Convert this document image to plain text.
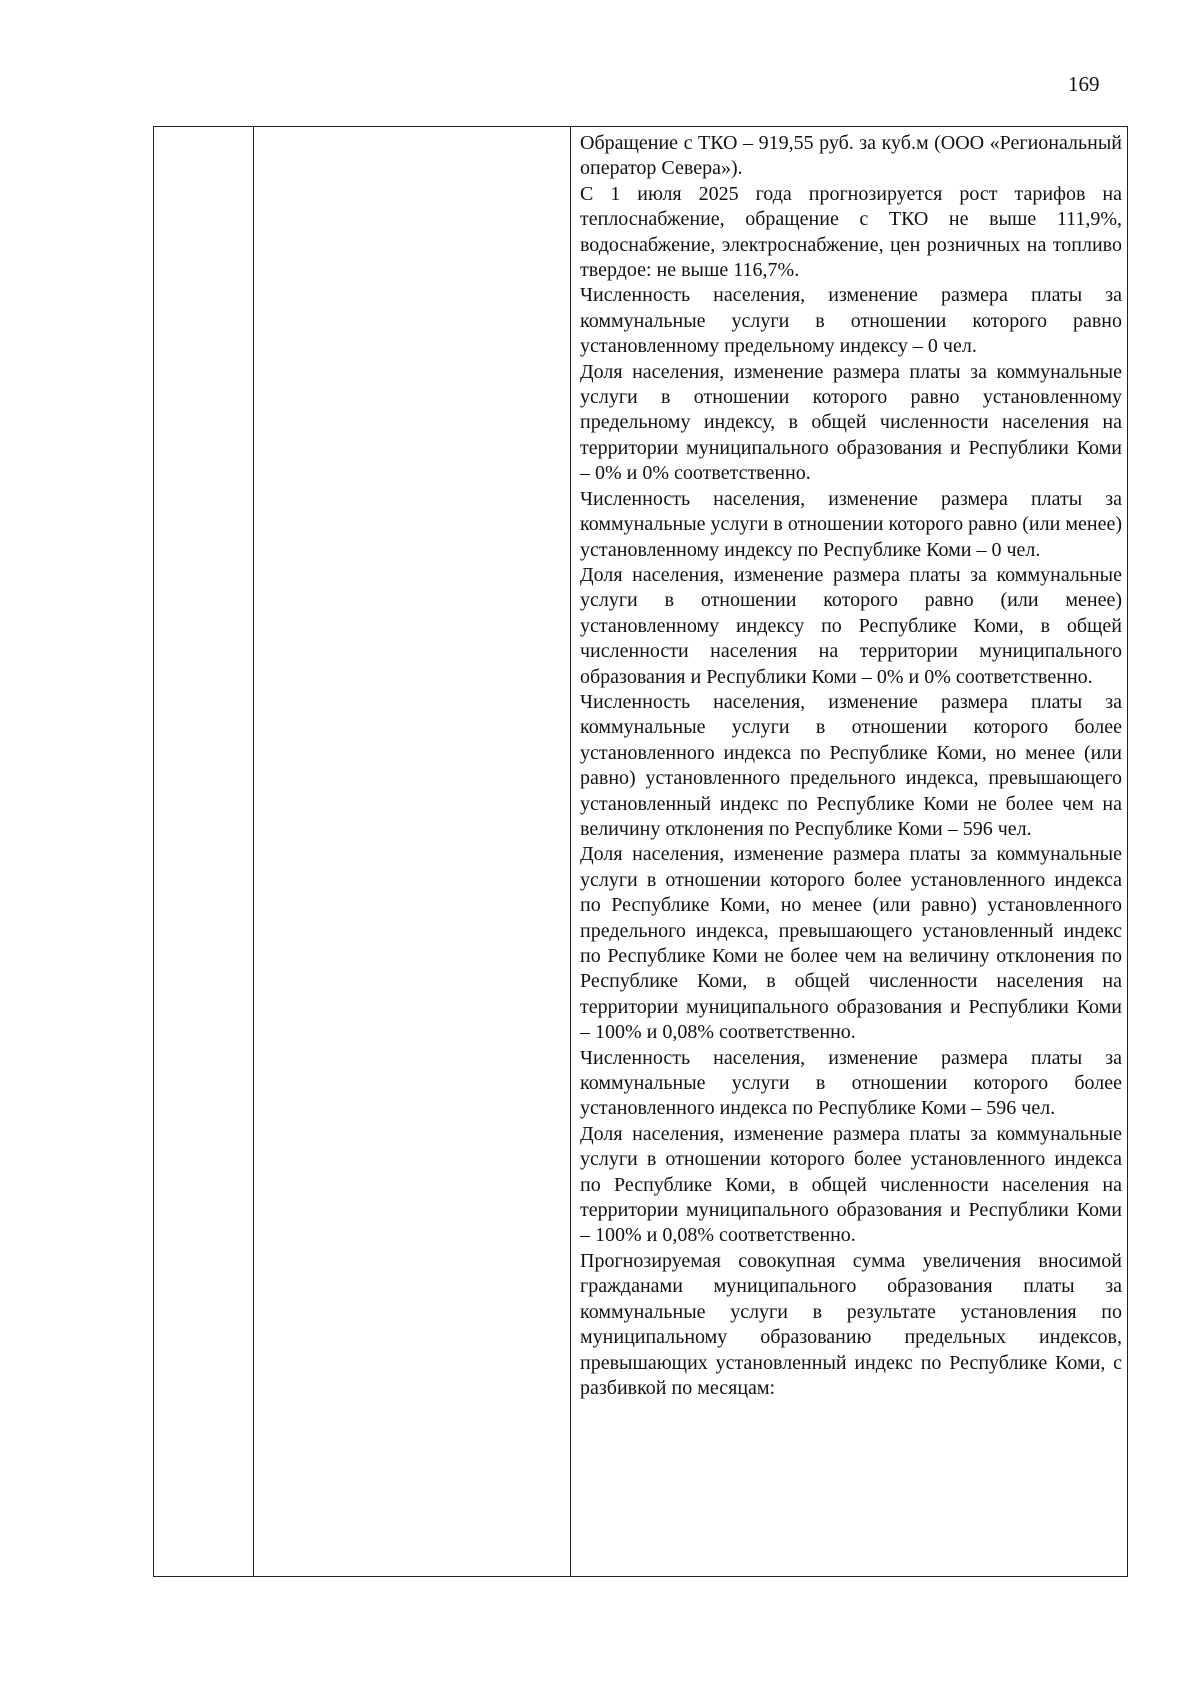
169

Обращение с ТКО – 919,55 руб. за куб.м (ООО «Региональный оператор Севера»).

С 1 июля 2025 года прогнозируется рост тарифов на теплоснабжение, обращение с ТКО не выше 111,9%, водоснабжение, электроснабжение, цен розничных на топливо твердое: не выше 116,7%.

Численность населения, изменение размера платы за коммунальные услуги в отношении которого равно установленному предельному индексу – 0 чел.

Доля населения, изменение размера платы за коммунальные услуги в отношении которого равно установленному предельному индексу, в общей численности населения на территории муниципального образования и Республики Коми – 0% и 0% соответственно.

Численность населения, изменение размера платы за коммунальные услуги в отношении которого равно (или менее) установленному индексу по Республике Коми – 0 чел.

Доля населения, изменение размера платы за коммунальные услуги в отношении которого равно (или менее) установленному индексу по Республике Коми, в общей численности населения на территории муниципального образования и Республики Коми – 0% и 0% соответственно.

Численность населения, изменение размера платы за коммунальные услуги в отношении которого более установленного индекса по Республике Коми, но менее (или равно) установленного предельного индекса, превышающего установленный индекс по Республике Коми не более чем на величину отклонения по Республике Коми – 596 чел.

Доля населения, изменение размера платы за коммунальные услуги в отношении которого более установленного индекса по Республике Коми, но менее (или равно) установленного предельного индекса, превышающего установленный индекс по Республике Коми не более чем на величину отклонения по Республике Коми, в общей численности населения на территории муниципального образования и Республики Коми – 100% и 0,08% соответственно.

Численность населения, изменение размера платы за коммунальные услуги в отношении которого более установленного индекса по Республике Коми – 596 чел.

Доля населения, изменение размера платы за коммунальные услуги в отношении которого более установленного индекса по Республике Коми, в общей численности населения на территории муниципального образования и Республики Коми – 100% и 0,08% соответственно.

Прогнозируемая совокупная сумма увеличения вносимой гражданами муниципального образования платы за коммунальные услуги в результате установления по муниципальному образованию предельных индексов, превышающих установленный индекс по Республике Коми, с разбивкой по месяцам:
